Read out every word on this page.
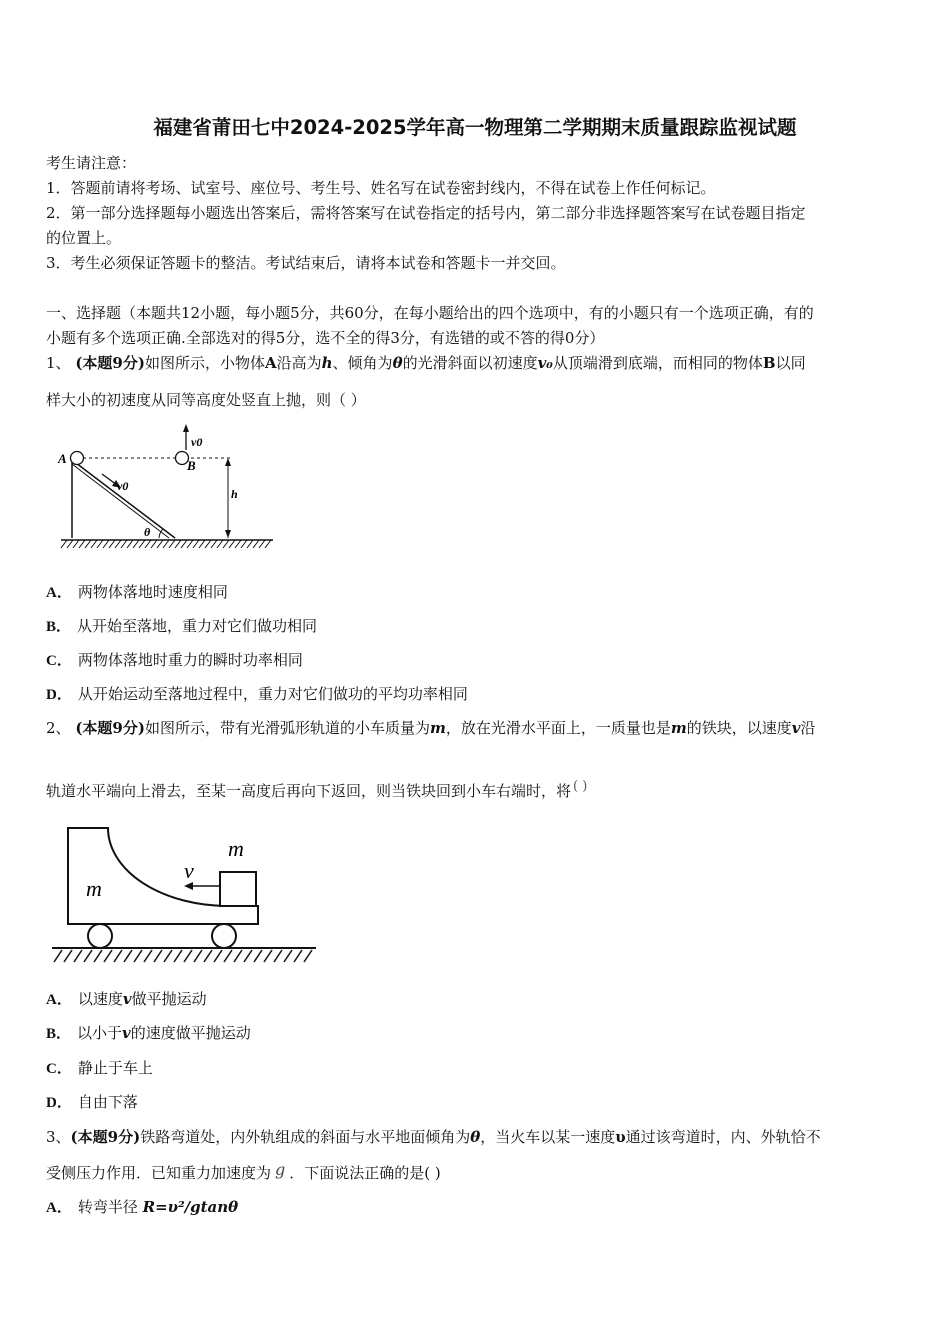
福建省莆田七中2024-2025学年高一物理第二学期期末质量跟踪监视试题
考生请注意：
1．答题前请将考场、试室号、座位号、考生号、姓名写在试卷密封线内，不得在试卷上作任何标记。
2．第一部分选择题每小题选出答案后，需将答案写在试卷指定的括号内，第二部分非选择题答案写在试卷题目指定
的位置上。
3．考生必须保证答题卡的整洁。考试结束后，请将本试卷和答题卡一并交回。
一、选择题（本题共12小题，每小题5分，共60分，在每小题给出的四个选项中，有的小题只有一个选项正确，有的
小题有多个选项正确.全部选对的得5分，选不全的得3分，有选错的或不答的得0分）
1、 (本题9分)如图所示，小物体A沿高为h、倾角为θ的光滑斜面以初速度v₀从顶端滑到底端，而相同的物体B以同
样大小的初速度从同等高度处竖直上抛，则（ ）
A	B
v0
v0
h
θ
A． 两物体落地时速度相同
B． 从开始至落地，重力对它们做功相同
C． 两物体落地时重力的瞬时功率相同
D． 从开始运动至落地过程中，重力对它们做功的平均功率相同
2、 (本题9分)如图所示，带有光滑弧形轨道的小车质量为m，放在光滑水平面上，一质量也是m的铁块，以速度v沿
轨道水平端向上滑去，至某一高度后再向下返回，则当铁块回到小车右端时，将 ( )
m
m
v
A． 以速度v做平抛运动
B． 以小于v的速度做平抛运动
C． 静止于车上
D． 自由下落
3、(本题9分)铁路弯道处，内外轨组成的斜面与水平地面倾角为θ，当火车以某一速度υ通过该弯道时，内、外轨恰不
受侧压力作用．已知重力加速度为 g ．下面说法正确的是( )
A． 转弯半径 R=υ²/gtanθ
